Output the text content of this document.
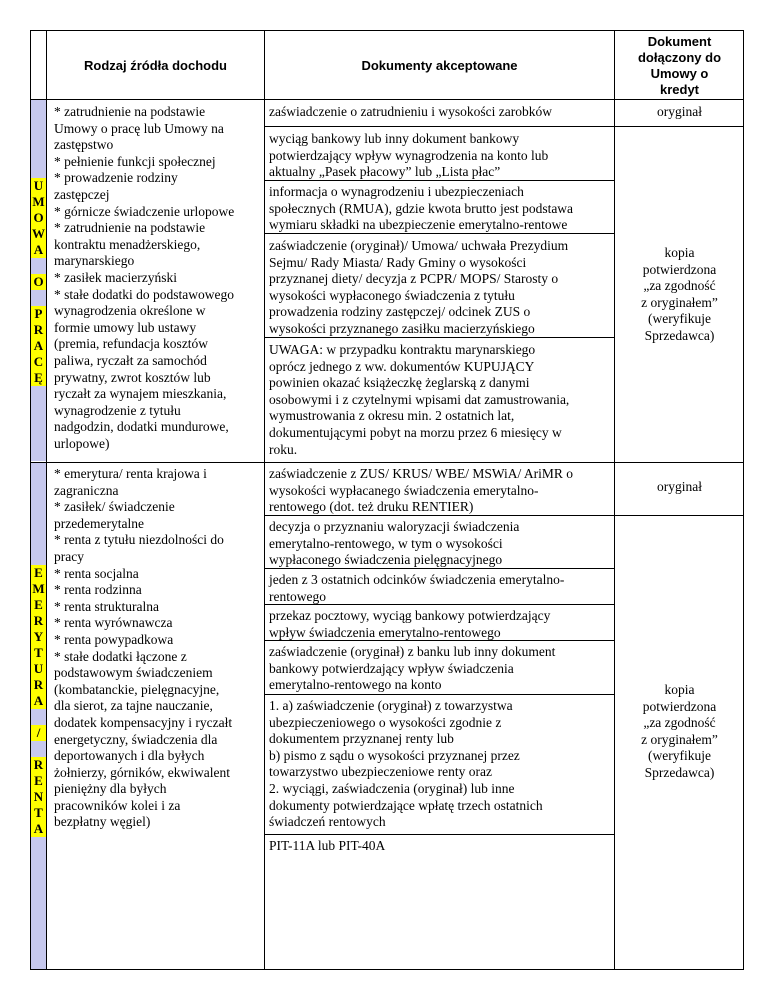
Rodzaj źródła dochodu	Dokumenty akceptowane
Dokument
dołączony do
Umowy o
kredyt
U
M
O
W
A

O

P
R
A
C
Ę
E
M
E
R
Y
T
U
R
A

/

R
E
N
T
A
* zatrudnienie na podstawie
Umowy o pracę lub Umowy na
zastępstwo
* pełnienie funkcji społecznej
* prowadzenie rodziny
zastępczej
* górnicze świadczenie urlopowe
* zatrudnienie na podstawie
kontraktu menadżerskiego,
marynarskiego
* zasiłek macierzyński
* stałe dodatki do podstawowego
wynagrodzenia określone w
formie umowy lub ustawy
(premia, refundacja kosztów
paliwa, ryczałt za samochód
prywatny, zwrot kosztów lub
ryczałt za wynajem mieszkania,
wynagrodzenie z tytułu
nadgodzin, dodatki mundurowe,
urlopowe)
zaświadczenie o zatrudnieniu i wysokości zarobków
wyciąg bankowy lub inny dokument bankowy
potwierdzający wpływ wynagrodzenia na konto lub
aktualny „Pasek płacowy” lub „Lista płac”
informacja o wynagrodzeniu i ubezpieczeniach
społecznych (RMUA), gdzie kwota brutto jest podstawa
wymiaru składki na ubezpieczenie emerytalno-rentowe
zaświadczenie (oryginał)/ Umowa/ uchwała Prezydium
Sejmu/ Rady Miasta/ Rady Gminy o wysokości
przyznanej diety/ decyzja z PCPR/ MOPS/ Starosty o
wysokości wypłaconego świadczenia z tytułu
prowadzenia rodziny zastępczej/ odcinek ZUS o
wysokości przyznanego zasiłku macierzyńskiego
UWAGA: w przypadku kontraktu marynarskiego
oprócz jednego z ww. dokumentów KUPUJĄCY
powinien okazać książeczkę żeglarską z danymi
osobowymi i z czytelnymi wpisami dat zamustrowania,
wymustrowania z okresu min. 2 ostatnich lat,
dokumentującymi pobyt na morzu przez 6 miesięcy w
roku.
oryginał
kopia
potwierdzona
„za zgodność
z oryginałem”
(weryfikuje
Sprzedawca)
* emerytura/ renta krajowa i
zagraniczna
* zasiłek/ świadczenie
przedemerytalne
* renta z tytułu niezdolności do
pracy
* renta socjalna
* renta rodzinna
* renta strukturalna
* renta wyrównawcza
* renta powypadkowa
* stałe dodatki łączone z
podstawowym świadczeniem
(kombatanckie, pielęgnacyjne,
dla sierot, za tajne nauczanie,
dodatek kompensacyjny i ryczałt
energetyczny, świadczenia dla
deportowanych i dla byłych
żołnierzy, górników, ekwiwalent
pieniężny dla byłych
pracowników kolei i za
bezpłatny węgiel)
zaświadczenie z ZUS/ KRUS/ WBE/ MSWiA/ AriMR o
wysokości wypłacanego świadczenia emerytalno-
rentowego (dot. też druku RENTIER)
decyzja o przyznaniu waloryzacji świadczenia
emerytalno-rentowego, w tym o wysokości
wypłaconego świadczenia pielęgnacyjnego
jeden z 3 ostatnich odcinków świadczenia emerytalno-
rentowego
przekaz pocztowy, wyciąg bankowy potwierdzający
wpływ świadczenia emerytalno-rentowego
zaświadczenie (oryginał) z banku lub inny dokument
bankowy potwierdzający wpływ świadczenia
emerytalno-rentowego na konto
1. a) zaświadczenie (oryginał) z towarzystwa
ubezpieczeniowego o wysokości zgodnie z
dokumentem przyznanej renty lub
b) pismo z sądu o wysokości przyznanej przez
towarzystwo ubezpieczeniowe renty oraz
2. wyciągi, zaświadczenia (oryginał) lub inne
dokumenty potwierdzające wpłatę trzech ostatnich
świadczeń rentowych
PIT-11A lub PIT-40A
oryginał
kopia
potwierdzona
„za zgodność
z oryginałem”
(weryfikuje
Sprzedawca)
